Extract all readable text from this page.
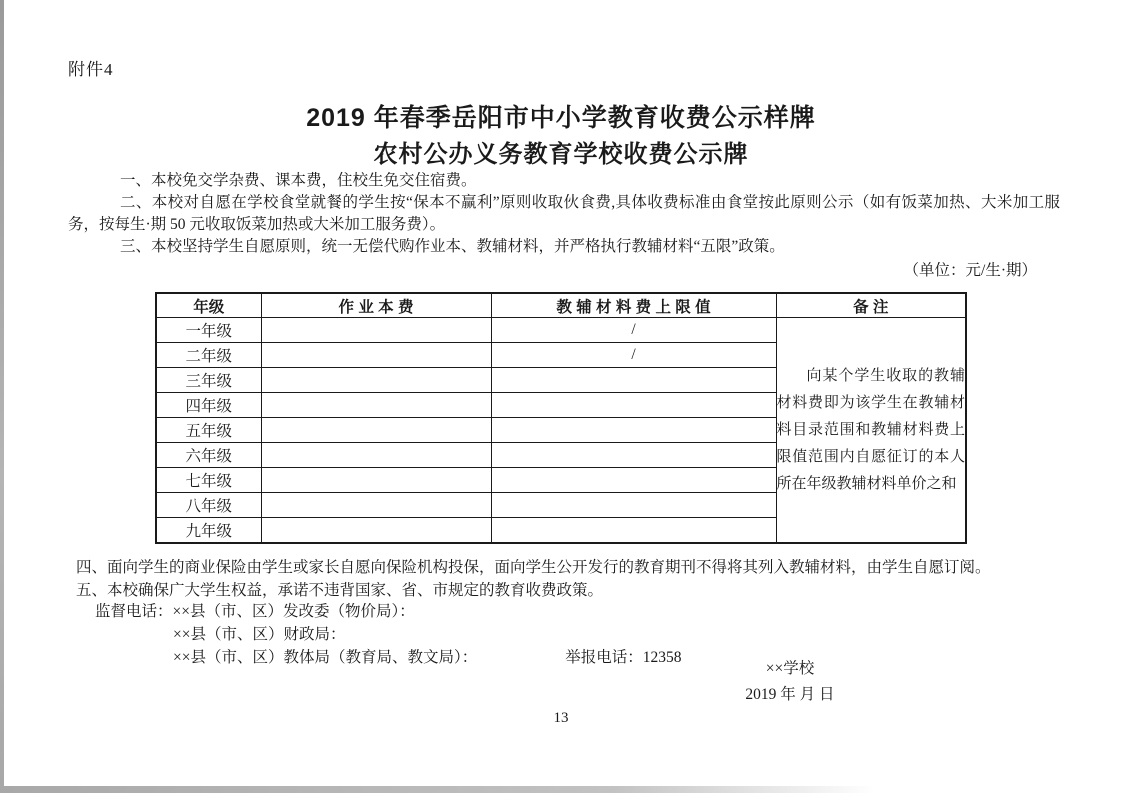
附件4
2019 年春季岳阳市中小学教育收费公示样牌
农村公办义务教育学校收费公示牌

一、本校免交学杂费、课本费，住校生免交住宿费。

二、本校对自愿在学校食堂就餐的学生按“保本不赢利”原则收取伙食费,具体收费标准由食堂按此原则公示（如有饭菜加热、大米加工服务，按每生·期 50 元收取饭菜加热或大米加工服务费）。

三、本校坚持学生自愿原则，统一无偿代购作业本、教辅材料，并严格执行教辅材料“五限”政策。

（单位：元/生·期）
年级	作 业 本 费	教 辅 材 料 费 上 限 值	备 注
一年级		/	向某个学生收取的教辅材料费即为该学生在教辅材料目录范围和教辅材料费上限值范围内自愿征订的本人所在年级教辅材料单价之和

二年级		/	
三年级			
四年级			
五年级			
六年级			
七年级			
八年级			
九年级			

四、面向学生的商业保险由学生或家长自愿向保险机构投保，面向学生公开发行的教育期刊不得将其列入教辅材料，由学生自愿订阅。

五、本校确保广大学生权益，承诺不违背国家、省、市规定的教育收费政策。

监督电话：××县（市、区）发改委（物价局）：
××县（市、区）财政局：
××县（市、区）教体局（教育局、教文局）：	举报电话：12358
××学校
2019 年 月 日
13
